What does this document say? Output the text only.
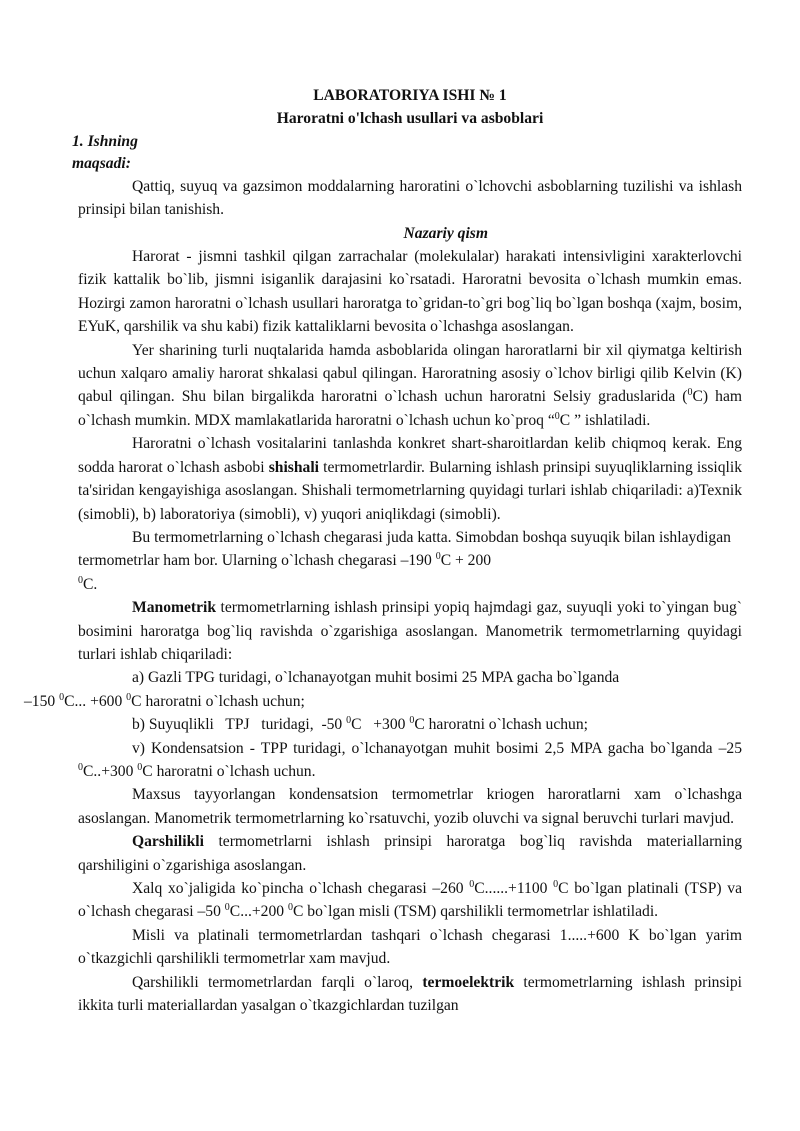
LABORATORIYA ISHI № 1
Haroratni o'lchash usullari va asboblari
1. Ishning maqsadi:

Qattiq, suyuq va gazsimon moddalarning haroratini o`lchovchi asboblarning tuzilishi va ishlash prinsipi bilan tanishish.

Nazariy qism

Harorat - jismni tashkil qilgan zarrachalar (molekulalar) harakati intensivligini xarakterlovchi fizik kattalik bo`lib, jismni isiganlik darajasini ko`rsatadi. Haroratni bevosita o`lchash mumkin emas. Hozirgi zamon haroratni o`lchash usullari haroratga to`gridan-to`gri bog`liq bo`lgan boshqa (xajm, bosim, EYuK, qarshilik va shu kabi) fizik kattaliklarni bevosita o`lchashga asoslangan.

Yer sharining turli nuqtalarida hamda asboblarida olingan haroratlarni bir xil qiymatga keltirish uchun xalqaro amaliy harorat shkalasi qabul qilingan. Haroratning asosiy o`lchov birligi qilib Kelvin (K) qabul qilingan. Shu bilan birgalikda haroratni o`lchash uchun haroratni Selsiy graduslarida ($^0$C) ham o`lchash mumkin. MDX mamlakatlarida haroratni o`lchash uchun ko`proq “$^0$C ” ishlatiladi.

Haroratni o`lchash vositalarini tanlashda konkret shart-sharoitlardan kelib chiqmoq kerak. Eng sodda harorat o`lchash asbobi shishali termometrlardir. Bularning ishlash prinsipi suyuqliklarning issiqlik ta'siridan kengayishiga asoslangan. Shishali termometrlarning quyidagi turlari ishlab chiqariladi: a)Texnik (simobli), b) laboratoriya (simobli), v) yuqori aniqlikdagi (simobli).

Bu termometrlarning o`lchash chegarasi juda katta. Simobdan boshqa suyuqik bilan ishlaydigan termometrlar ham bor. Ularning o`lchash chegarasi –190 $^0$C + 200
$^0$C.

Manometrik termometrlarning ishlash prinsipi yopiq hajmdagi gaz, suyuqli yoki to`yingan bug` bosimini haroratga bog`liq ravishda o`zgarishiga asoslangan. Manometrik termometrlarning quyidagi turlari ishlab chiqariladi:

a) Gazli TPG turidagi, o`lchanayotgan muhit bosimi 25 MPA gacha bo`lganda
–150 $^0$C... +600 $^0$C haroratni o`lchash uchun;

b) Suyuqlikli   TPJ   turidagi,  -50 $^0$C   +300 $^0$C haroratni o`lchash uchun;

v) Kondensatsion - TPP turidagi, o`lchanayotgan muhit bosimi 2,5 MPA gacha bo`lganda –25 $^0$C..+300 $^0$C haroratni o`lchash uchun.

Maxsus tayyorlangan kondensatsion termometrlar kriogen haroratlarni xam o`lchashga asoslangan. Manometrik termometrlarning ko`rsatuvchi, yozib oluvchi va signal beruvchi turlari mavjud.

Qarshilikli termometrlarni ishlash prinsipi haroratga bog`liq ravishda materiallarning qarshiligini o`zgarishiga asoslangan.

Xalq xo`jaligida ko`pincha o`lchash chegarasi –260 $^0$C......+1100 $^0$C bo`lgan platinali (TSP) va o`lchash chegarasi –50 $^0$C...+200 $^0$C bo`lgan misli (TSM) qarshilikli termometrlar ishlatiladi.

Misli va platinali termometrlardan tashqari o`lchash chegarasi 1.....+600 K bo`lgan yarim o`tkazgichli qarshilikli termometrlar xam mavjud.

Qarshilikli termometrlardan farqli o`laroq, termoelektrik termometrlarning ishlash prinsipi ikkita turli materiallardan yasalgan o`tkazgichlardan tuzilgan
